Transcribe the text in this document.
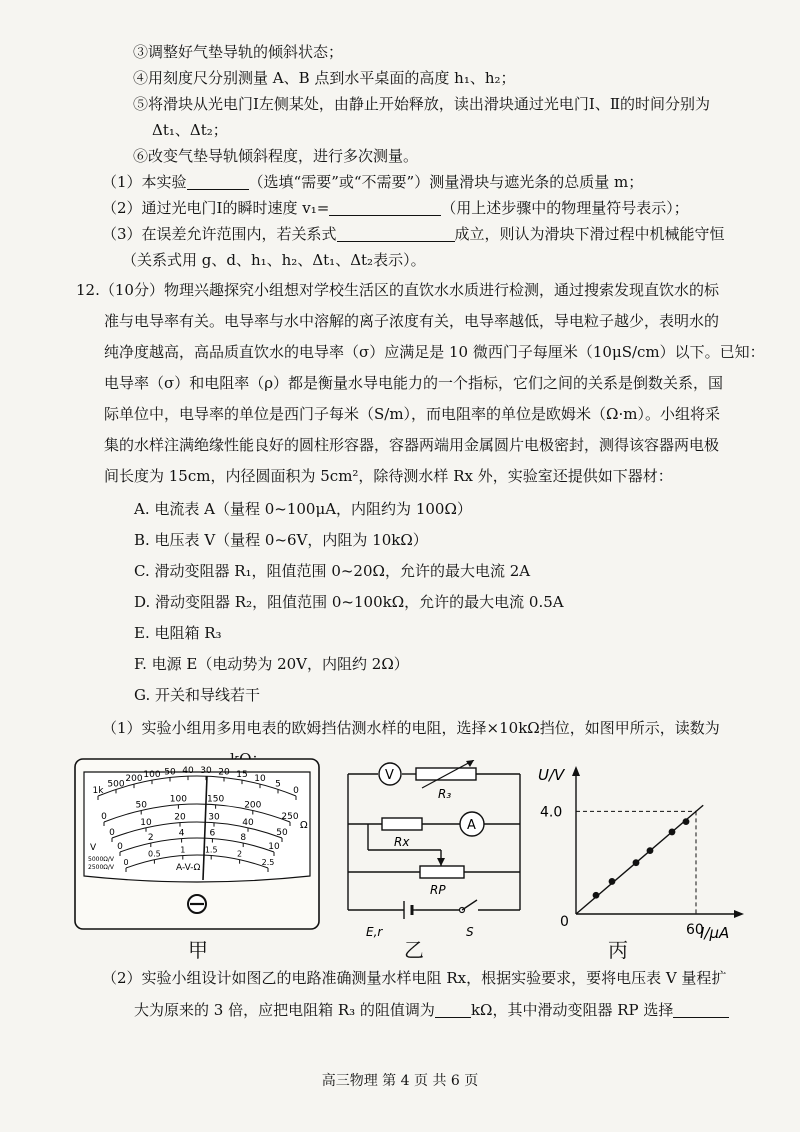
③调整好气垫导轨的倾斜状态；
④用刻度尺分别测量 A、B 点到水平桌面的高度 h₁、h₂；
⑤将滑块从光电门Ⅰ左侧某处，由静止开始释放，读出滑块通过光电门Ⅰ、Ⅱ的时间分别为
Δt₁、Δt₂；
⑥改变气垫导轨倾斜程度，进行多次测量。
（1）本实验	（选填“需要”或“不需要”）测量滑块与遮光条的总质量 m；
（2）通过光电门Ⅰ的瞬时速度 v₁=	（用上述步骤中的物理量符号表示）；
（3）在误差允许范围内，若关系式	成立，则认为滑块下滑过程中机械能守恒
（关系式用 g、d、h₁、h₂、Δt₁、Δt₂表示）。
12.（10分）物理兴趣探究小组想对学校生活区的直饮水水质进行检测，通过搜索发现直饮水的标
准与电导率有关。电导率与水中溶解的离子浓度有关，电导率越低，导电粒子越少，表明水的
纯净度越高，高品质直饮水的电导率（σ）应满足是 10 微西门子每厘米（10μS/cm）以下。已知：
电导率（σ）和电阻率（ρ）都是衡量水导电能力的一个指标，它们之间的关系是倒数关系，国
际单位中，电导率的单位是西门子每米（S/m），而电阻率的单位是欧姆米（Ω·m）。小组将采
集的水样注满绝缘性能良好的圆柱形容器，容器两端用金属圆片电极密封，测得该容器两电极
间长度为 15cm，内径圆面积为 5cm²，除待测水样 Rx 外，实验室还提供如下器材：
A. 电流表 A（量程 0~100μA，内阻约为 100Ω）
B. 电压表 V（量程 0~6V，内阻为 10kΩ）
C. 滑动变阻器 R₁，阻值范围 0~20Ω，允许的最大电流 2A
D. 滑动变阻器 R₂，阻值范围 0~100kΩ，允许的最大电流 0.5A
E. 电阻箱 R₃
F. 电源 E（电动势为 20V，内阻约 2Ω）
G. 开关和导线若干
（1）实验小组用多用电表的欧姆挡估测水样的电阻，选择×10kΩ挡位，如图甲所示，读数为
1k
500
200 100 50 40 30 20 15 10
5
0
0
50
100 150
200
250
0
10
20	30
40
50
0
2	4	6	8
10
0
0.5 1 1.5 2
2.5
Ω
V
5000Ω/V
2500Ω/V	A-V-Ω
甲
V
R₃
Rx
A
RP
E,r	S
乙
U/V
I/μA
4.0
60
0
丙
（2）实验小组设计如图乙的电路准确测量水样电阻 Rx，根据实验要求，要将电压表 V 量程扩
大为原来的 3 倍，应把电阻箱 R₃ 的阻值调为 kΩ，其中滑动变阻器 RP 选择
高三物理 第 4 页 共 6 页
